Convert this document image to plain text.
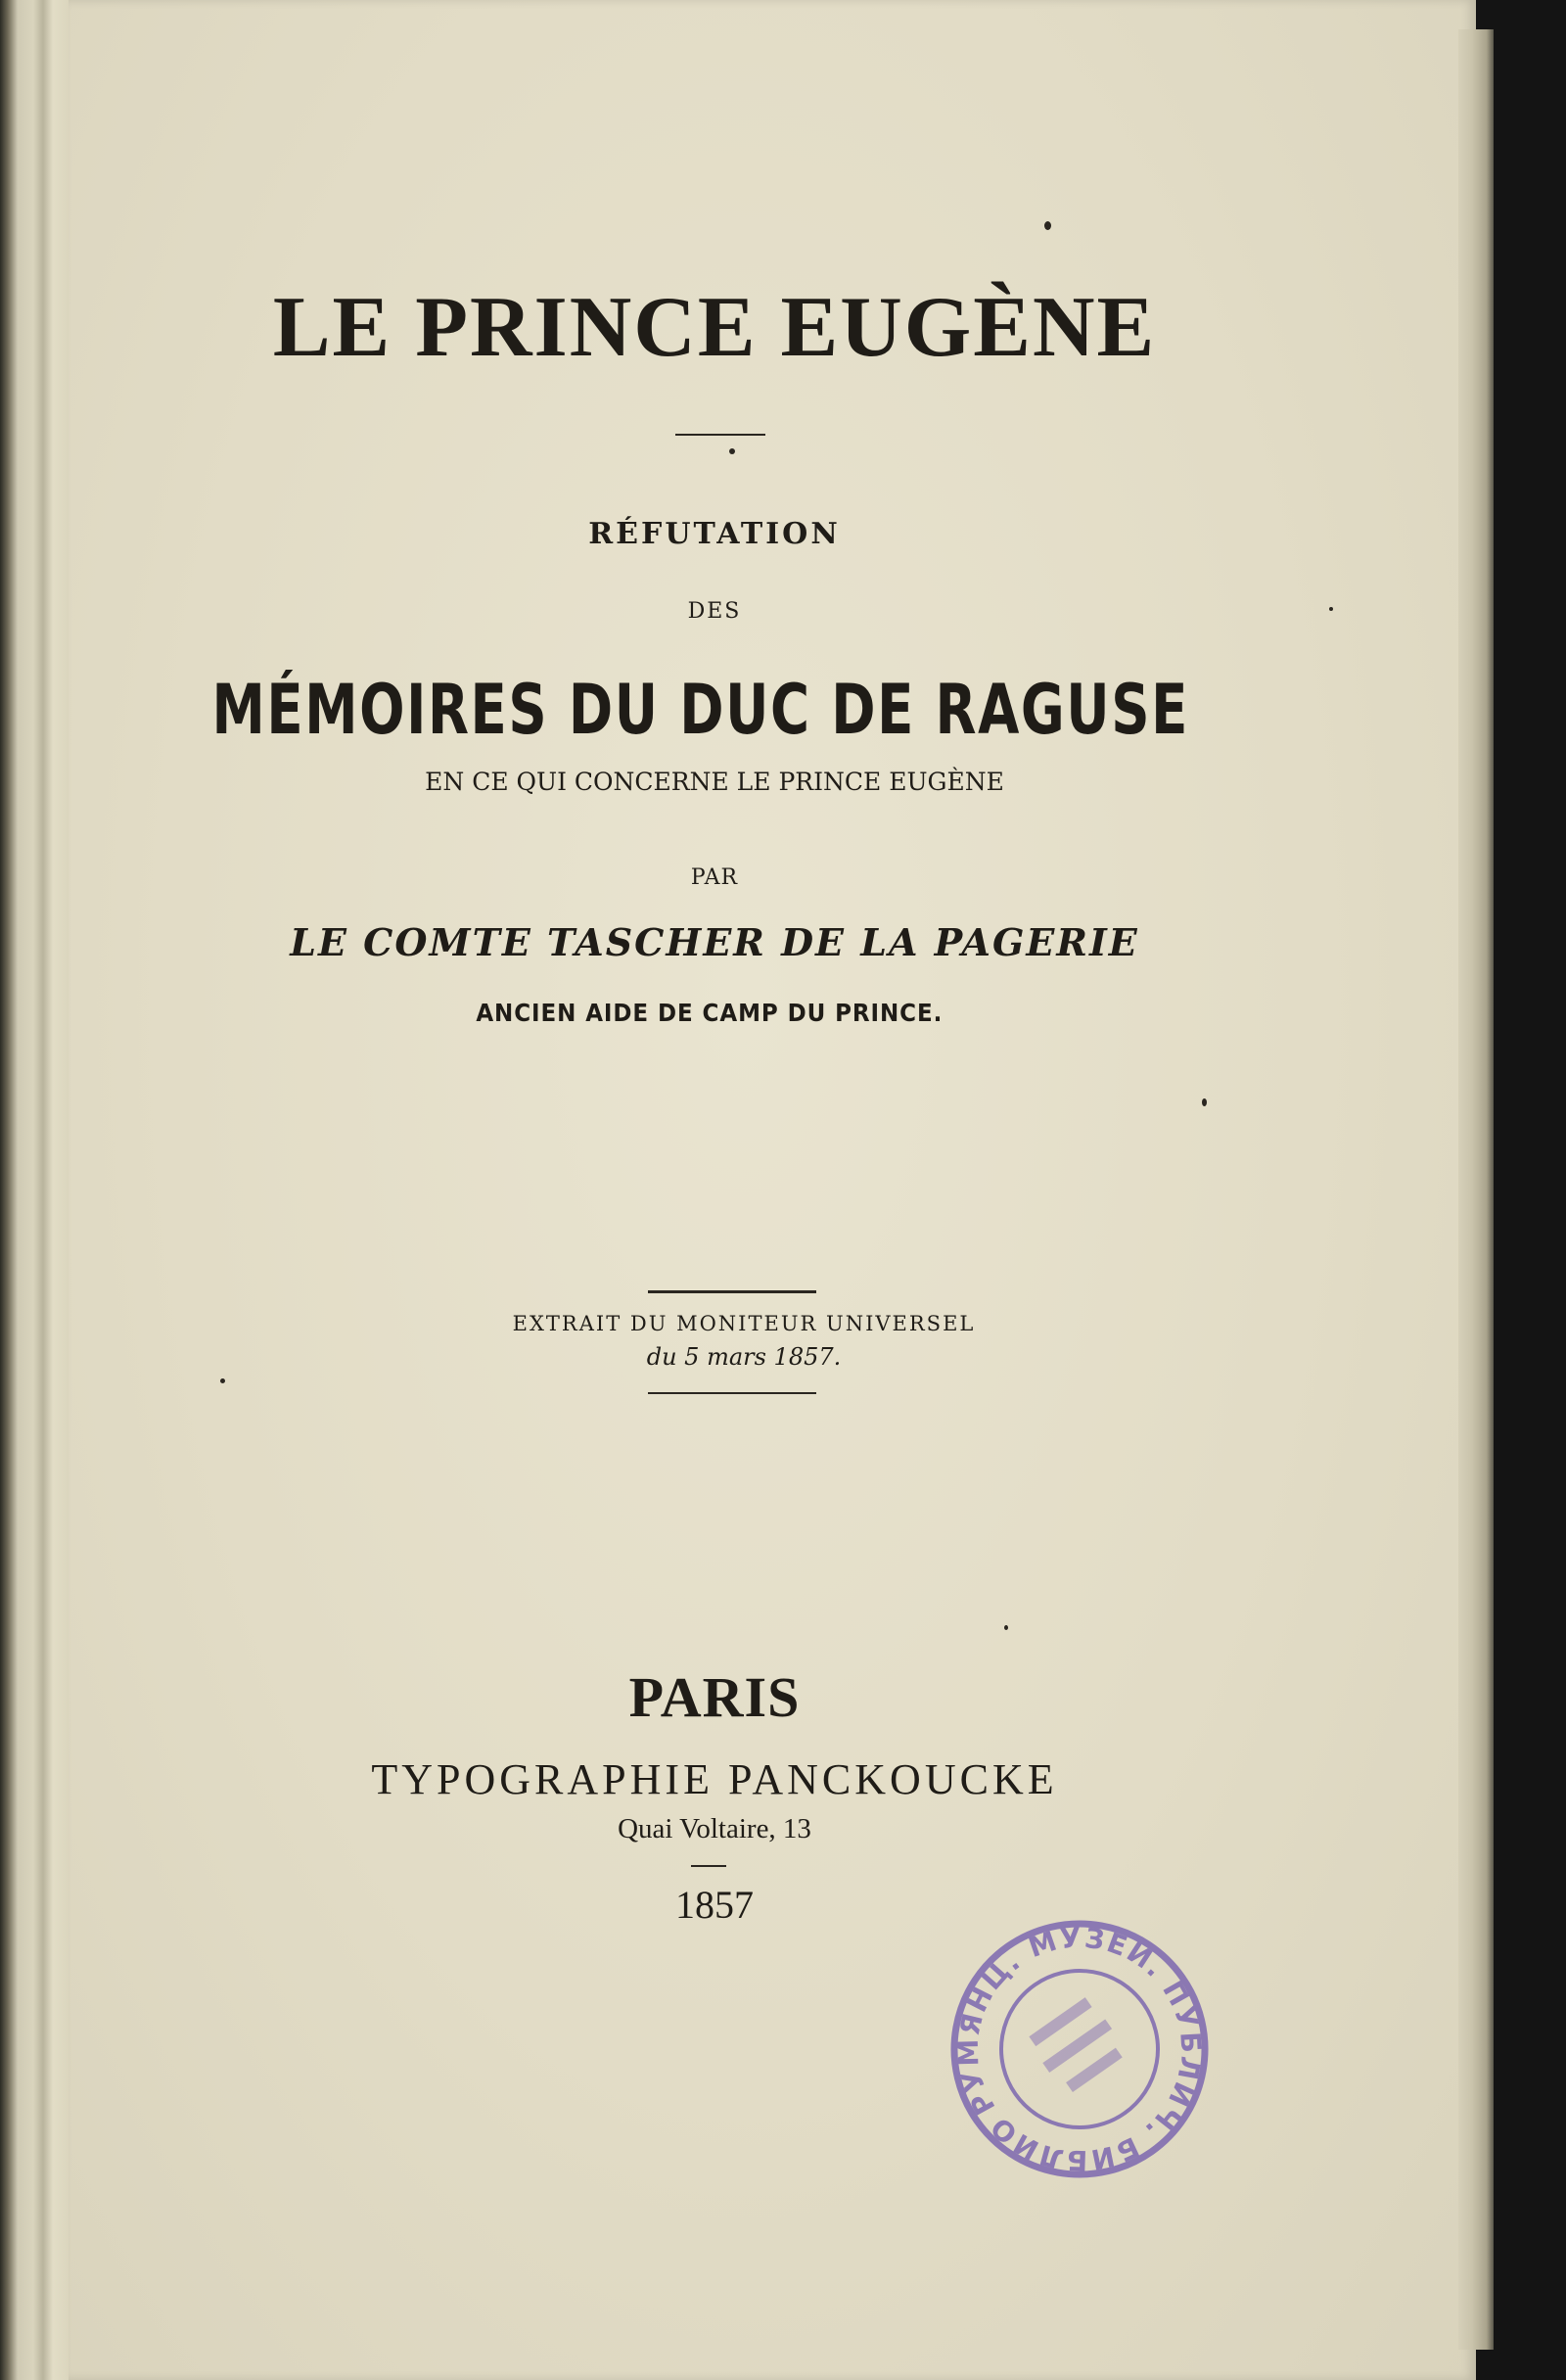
LE PRINCE EUGÈNE
RÉFUTATION
DES
MÉMOIRES DU DUC DE RAGUSE
EN CE QUI CONCERNE LE PRINCE EUGÈNE
PAR
LE COMTE TASCHER DE LA PAGERIE
ANCIEN AIDE DE CAMP DU PRINCE.
EXTRAIT DU MONITEUR UNIVERSEL
du 5 mars 1857.
PARIS
TYPOGRAPHIE PANCKOUCKE
Quai Voltaire, 13
1857
РУМЯНЦ. МУЗЕЙ. ПУБЛИЧ. БИБЛИОТЕКА
